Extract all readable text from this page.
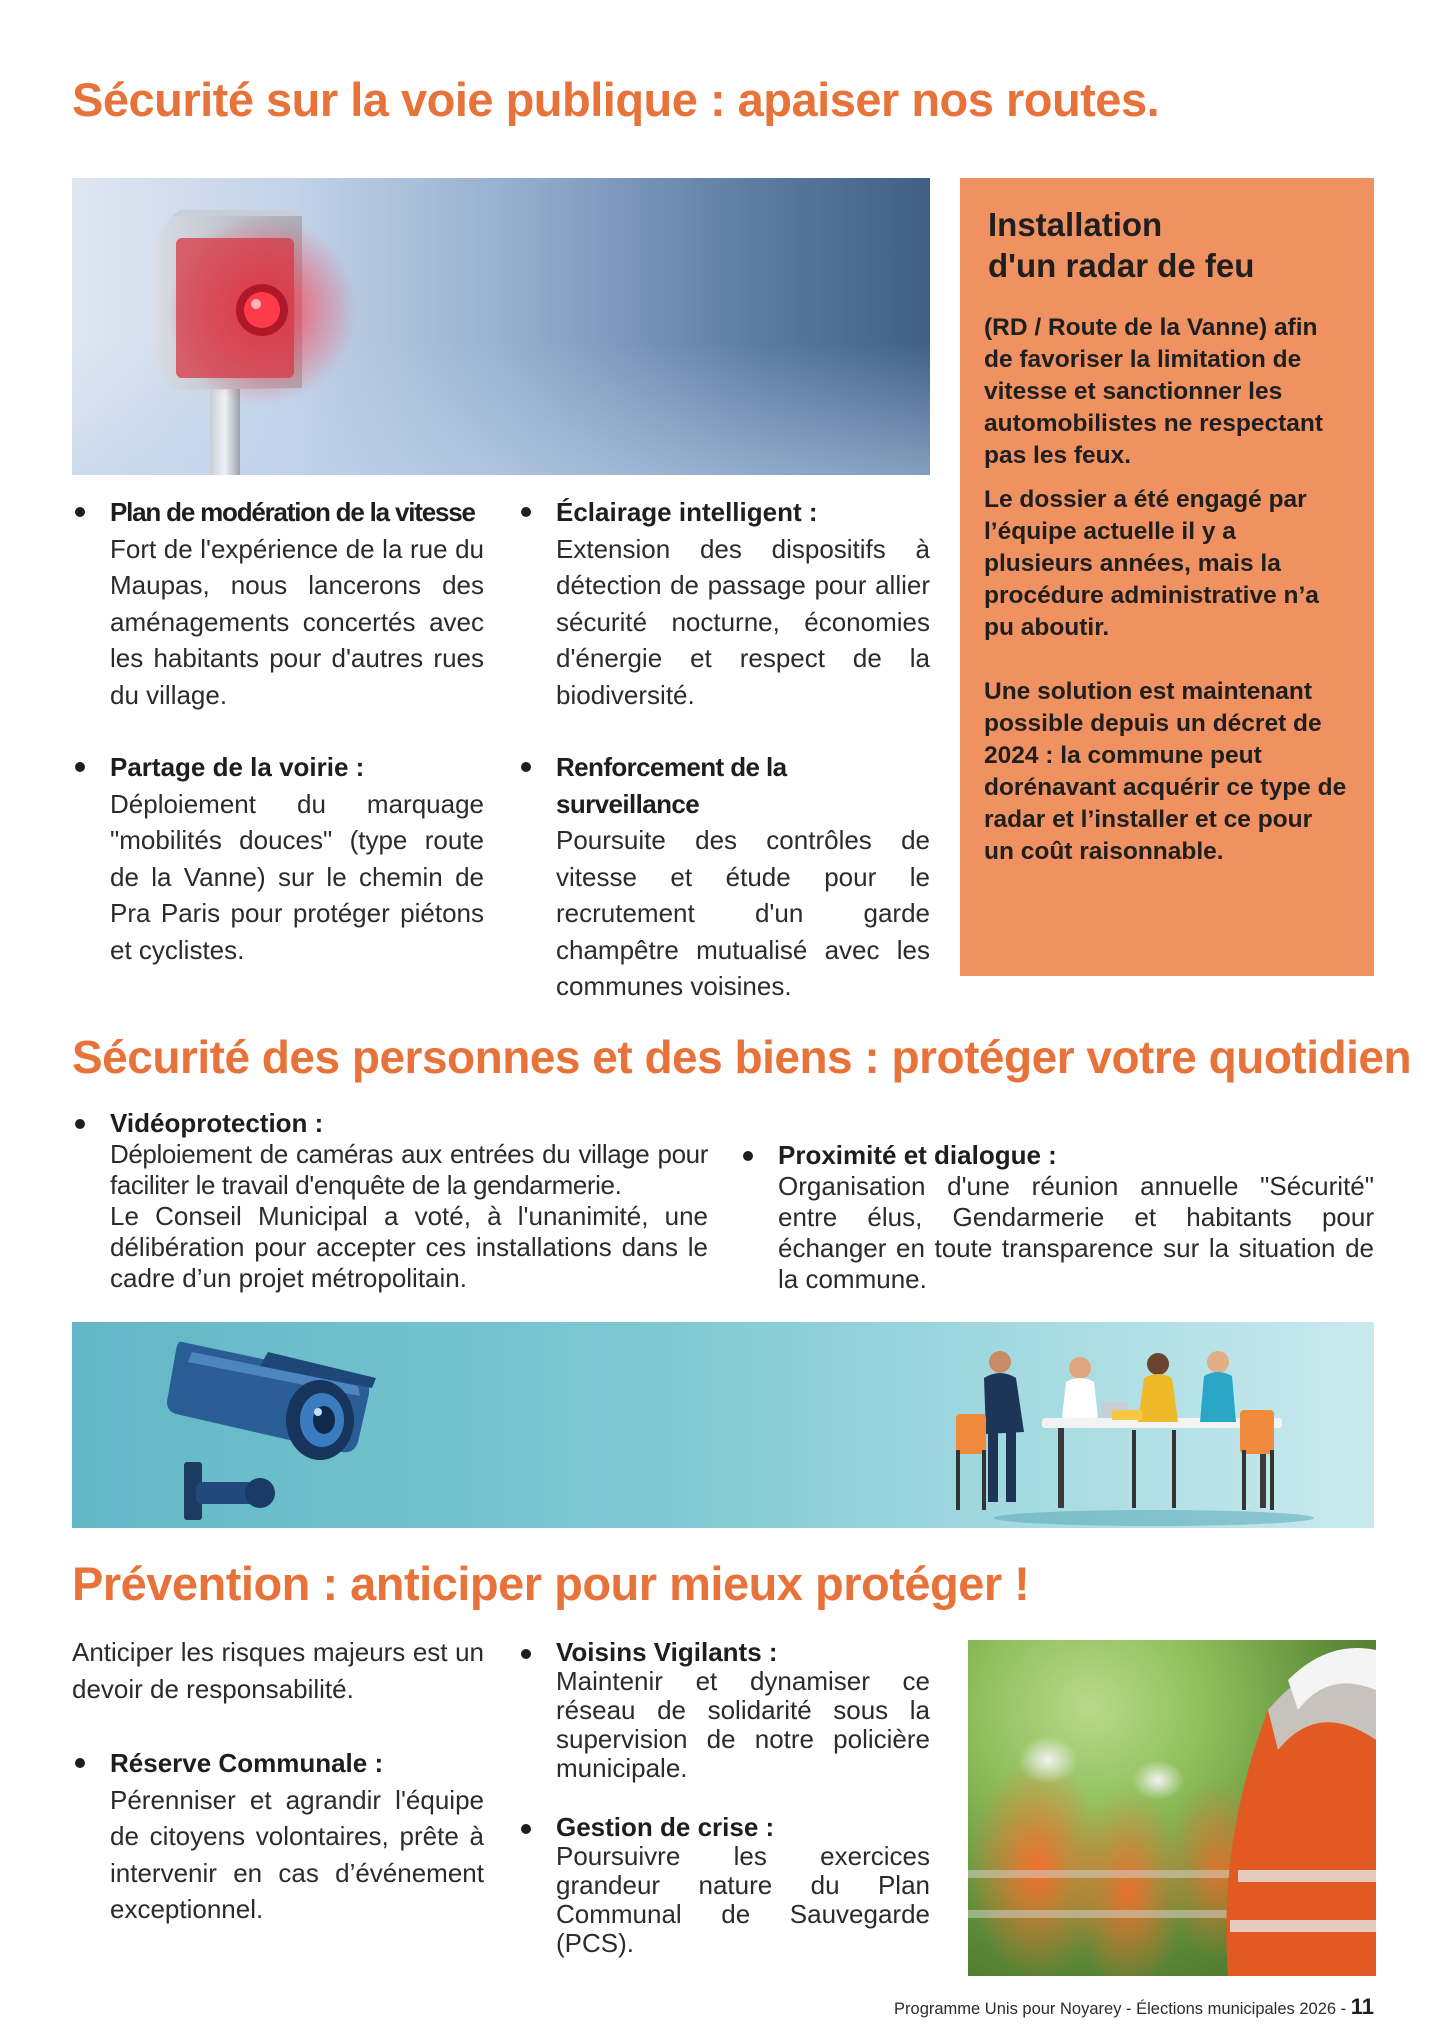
Sécurité sur la voie publique : apaiser nos routes.
Plan de modération de la vitesse
Fort de l'expérience de la rue du Maupas, nous lancerons des aménagements concertés avec les habitants pour d'autres rues du village.
Partage de la voirie :
Déploiement du marquage "mobilités douces" (type route de la Vanne) sur le chemin de Pra Paris pour protéger piétons et cyclistes.
Éclairage intelligent :
Extension des dispositifs à détection de passage pour allier sécurité nocturne, économies d'énergie et respect de la biodiversité.
Renforcement de la surveillance
Poursuite des contrôles de vitesse et étude pour le recrutement d'un garde champêtre mutualisé avec les communes voisines.
Installation
d'un radar de feu
(RD / Route de la Vanne) afin de favoriser la limitation de vitesse et sanctionner les automobilistes ne respectant pas les feux.
Le dossier a été engagé par l’équipe actuelle il y a plusieurs années, mais la procédure administrative n’a pu aboutir.
Une solution est maintenant possible depuis un décret de 2024 : la commune peut dorénavant acquérir ce type de radar et l’installer et ce pour un coût raisonnable.
Sécurité des personnes et des biens : protéger votre quotidien
Vidéoprotection :
Déploiement de caméras aux entrées du village pour faciliter le travail d'enquête de la gendarmerie.
Le Conseil Municipal a voté, à l'unanimité, une délibération pour accepter ces installations dans le cadre d’un projet métropolitain.
Proximité et dialogue :
Organisation d'une réunion annuelle "Sécurité" entre élus, Gendarmerie et habitants pour échanger en toute transparence sur la situation de la commune.
Prévention : anticiper pour mieux protéger !
Anticiper les risques majeurs est un devoir de responsabilité.
Réserve Communale :
Pérenniser et agrandir l'équipe de citoyens volontaires, prête à intervenir en cas d’événement exceptionnel.
Voisins Vigilants :
Maintenir et dynamiser ce réseau de solidarité sous la supervision de notre policière municipale.
Gestion de crise :
Poursuivre les exercices grandeur nature du Plan Communal de Sauvegarde (PCS).
Programme Unis pour Noyarey - Élections municipales 2026 - 11
